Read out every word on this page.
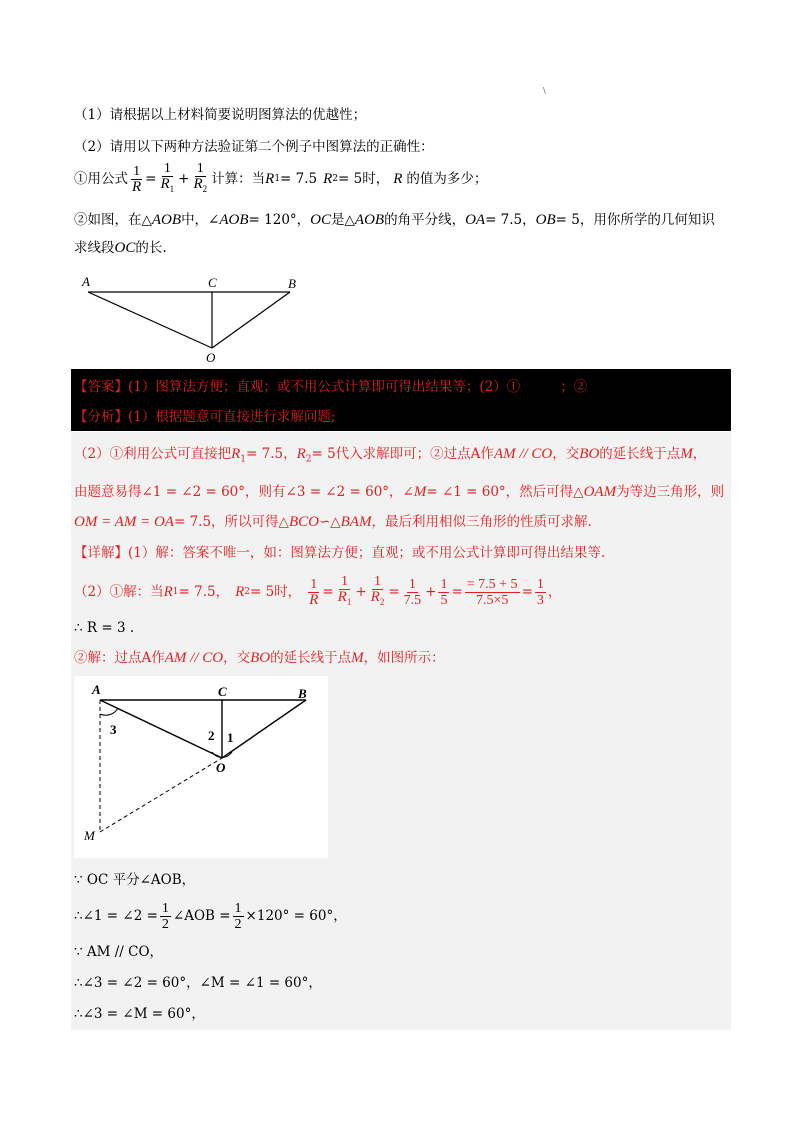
\
（1）请根据以上材料简要说明图算法的优越性；
（2）请用以下两种方法验证第二个例子中图算法的正确性：
①用公式 $\frac{1}{R} = \frac{1}{R_1} + \frac{1}{R_2}$ 计算：当 R 1 = 7.5 R 2 = 5 时， R 的值为多少；
②如图，在△AOB中，∠AOB= 120°，OC是△AOB的角平分线，OA= 7.5，OB= 5，用你所学的几何知识
求线段OC的长.
A	C	B
O
【答案】(1）图算法方便；直观；或不用公式计算即可得出结果等；(2）①	；②
【分析】(1）根据题意可直接进行求解问题;
（2）①利用公式可直接把$R_1= 7.5$，$R_2= 5$代入求解即可；②过点A作AM // CO，交BO的延长线于点M，
由题意易得∠1 = ∠2 = 60°，则有∠3 = ∠2 = 60°，∠M= ∠1 = 60°，然后可得△OAM为等边三角形，则
OM = AM = OA= 7.5，所以可得△BCO∽△BAM，最后利用相似三角形的性质可求解.
【详解】(1）解：答案不唯一，如：图算法方便；直观；或不用公式计算即可得出结果等.
（2）①解：当 R 1 = 7.5， R 2 = 5时， $\frac{1}{R} = \frac{1}{R_1} + \frac{1}{R_2} = \frac{1}{7.5} + \frac{1}{5} = \frac{= 7.5 + 5}{7.5\times 5} = \frac{1}{3}$ ，
∴ R = 3 .
②解：过点A作AM // CO，交BO的延长线于点M，如图所示：
A	C	B
O
M
3	2 1
∵ OC 平分∠AOB，
∴∠1 = ∠2 = $\frac{1}{2}$ ∠AOB = $\frac{1}{2} \times 120^\circ = 60^\circ$，
∵ AM // CO，
∴∠3 = ∠2 = 60°，∠M = ∠1 = 60°，
∴∠3 = ∠M = 60°，
